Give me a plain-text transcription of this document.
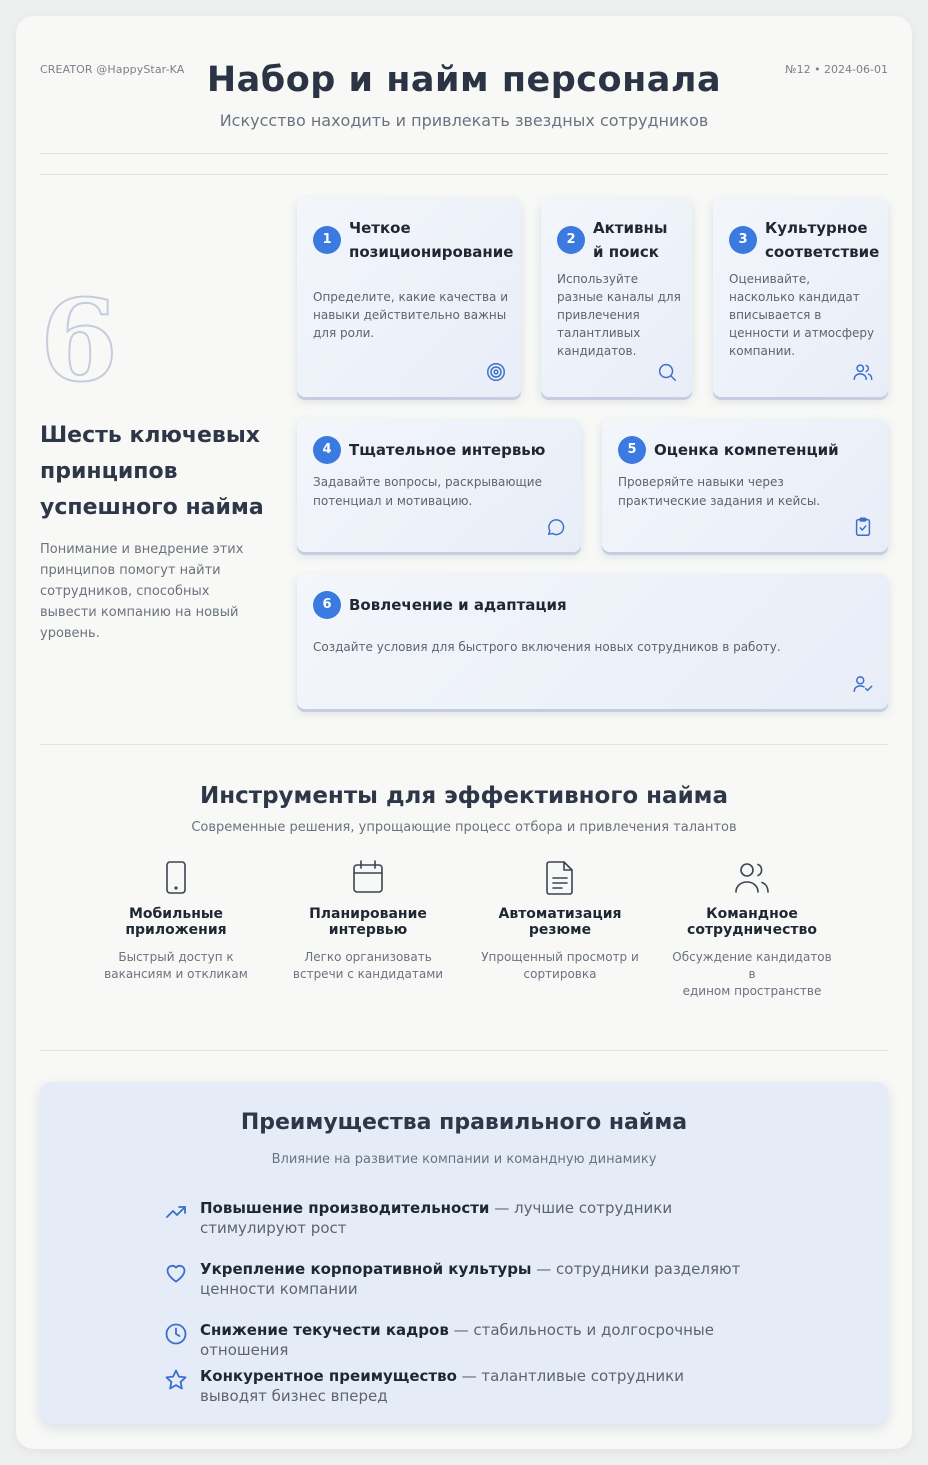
CREATOR @HappyStar-KA	№12 • 2024-06-01
Набор и найм персонала
Искусство находить и привлекать звездных сотрудников
6
Шесть ключевых принципов успешного найма
Понимание и внедрение этих принципов помогут найти сотрудников, способных вывести компанию на новый уровень.
1
Четкое
позиционирование
Определите, какие качества и навыки действительно важны для роли.
2
Активны
й поиск
Используйте разные каналы для привлечения талантливых кандидатов.
3
Культурное
соответствие
Оценивайте, насколько кандидат вписывается в ценности и атмосферу компании.
4	Тщательное интервью
Задавайте вопросы, раскрывающие потенциал и мотивацию.
5	Оценка компетенций
Проверяйте навыки через практические задания и кейсы.
6	Вовлечение и адаптация
Создайте условия для быстрого включения новых сотрудников в работу.
Инструменты для эффективного найма
Современные решения, упрощающие процесс отбора и привлечения талантов
Мобильные
приложения
Быстрый доступ к
вакансиям и откликам
Планирование
интервью
Легко организовать
встречи с кандидатами
Автоматизация
резюме
Упрощенный просмотр и
сортировка
Командное
сотрудничество
Обсуждение кандидатов в
едином пространстве
Преимущества правильного найма
Влияние на развитие компании и командную динамику
Повышение производительности — лучшие сотрудники стимулируют рост
Укрепление корпоративной культуры — сотрудники разделяют ценности компании
Снижение текучести кадров — стабильность и долгосрочные отношения
Конкурентное преимущество — талантливые сотрудники выводят бизнес вперед
